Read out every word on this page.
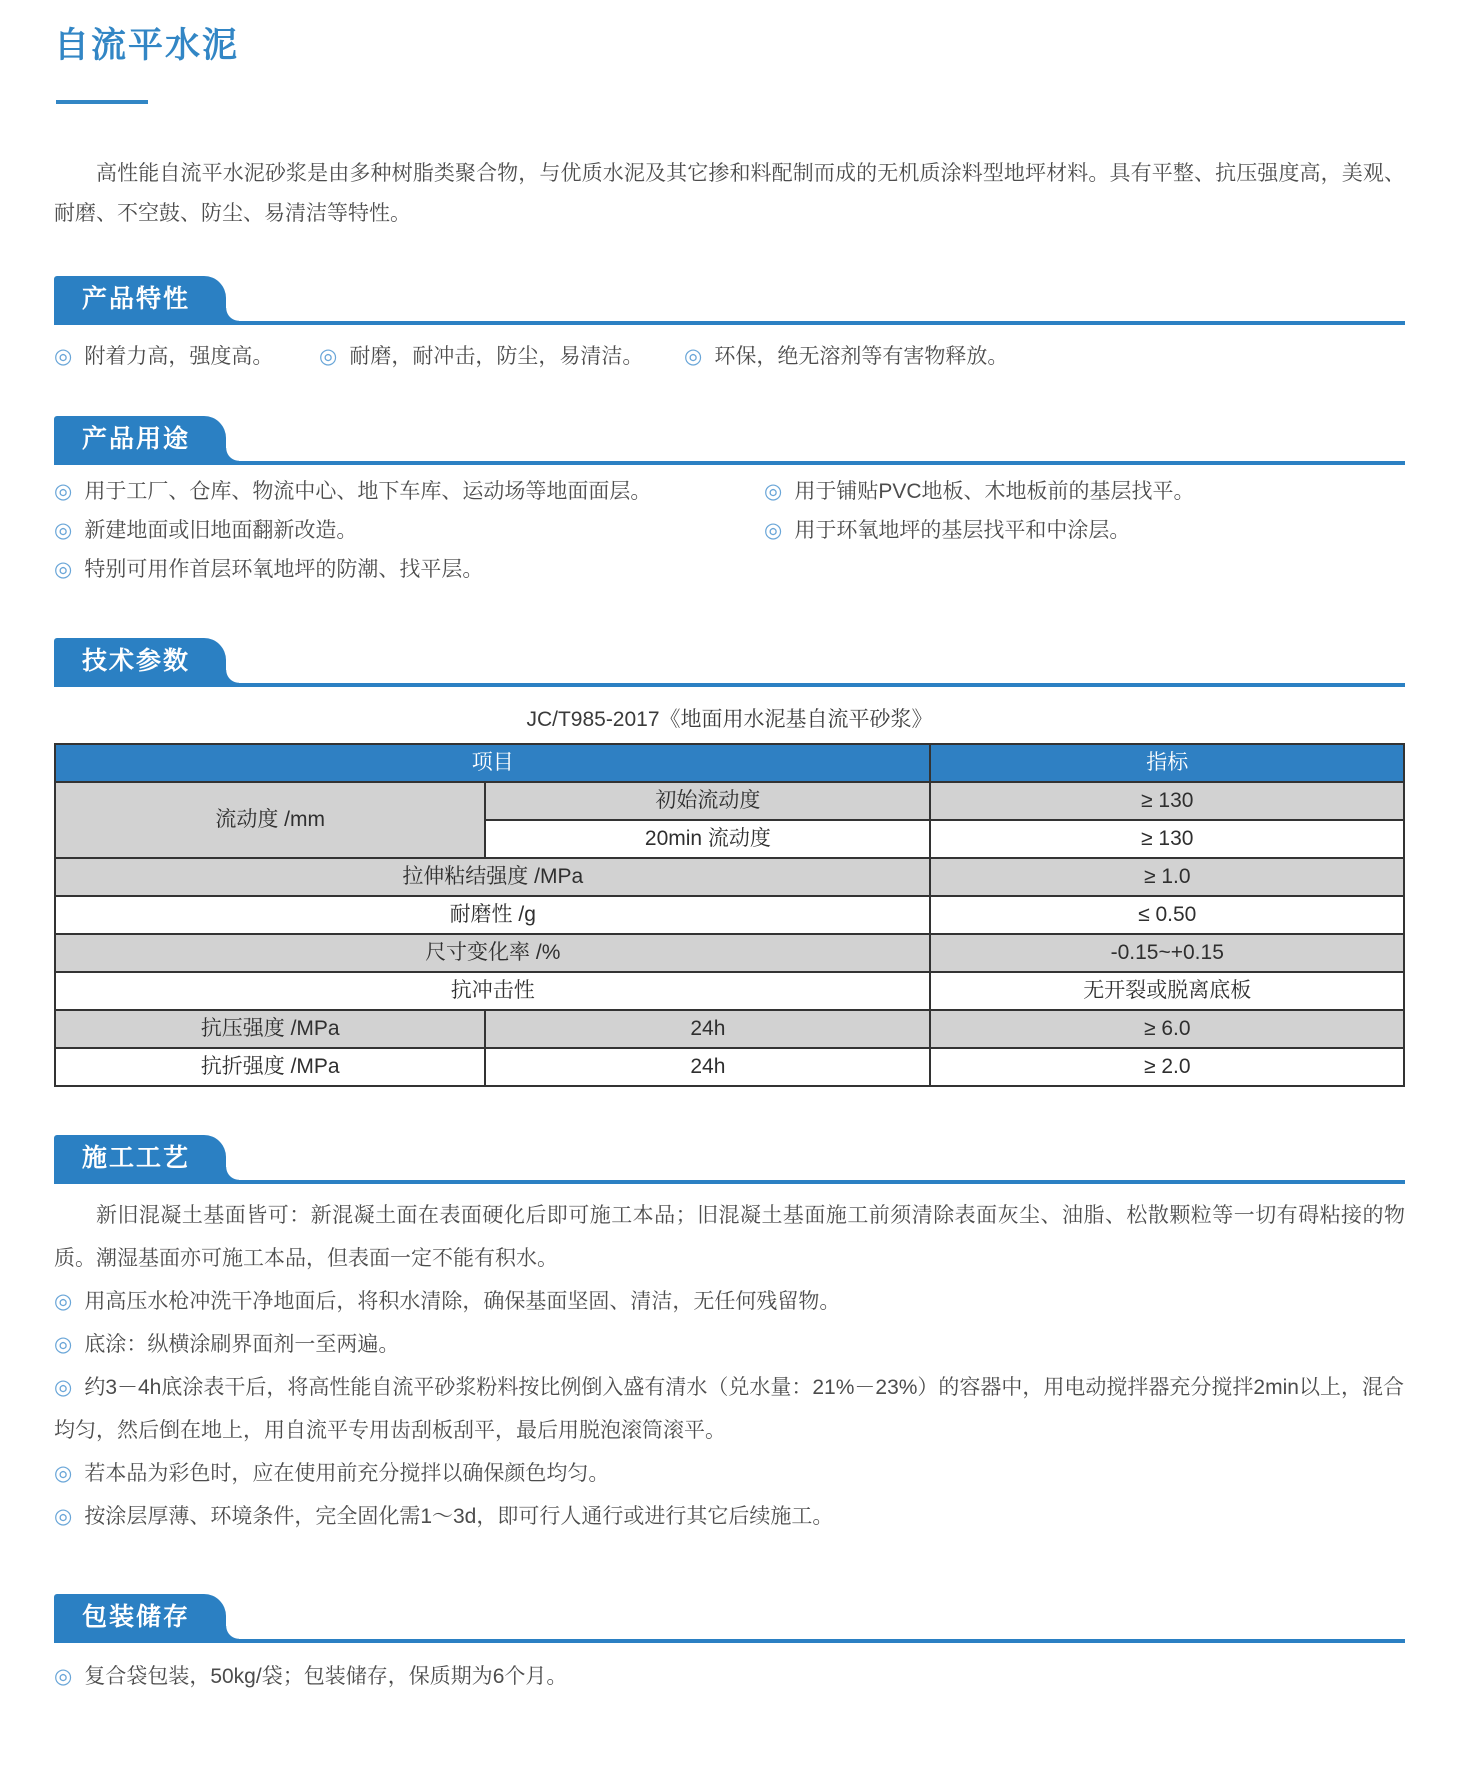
自流平水泥

高性能自流平水泥砂浆是由多种树脂类聚合物，与优质水泥及其它掺和料配制而成的无机质涂料型地坪材料。具有平整、抗压强度高，美观、耐磨、不空鼓、防尘、易清洁等特性。

产品特性
◎ 附着力高，强度高。	◎ 耐磨，耐冲击，防尘，易清洁。	◎ 环保，绝无溶剂等有害物释放。
产品用途

◎ 用于工厂、仓库、物流中心、地下车库、运动场等地面面层。

◎ 新建地面或旧地面翻新改造。

◎ 特别可用作首层环氧地坪的防潮、找平层。

◎ 用于铺贴PVC地板、木地板前的基层找平。

◎ 用于环氧地坪的基层找平和中涂层。

技术参数

JC/T985-2017《地面用水泥基自流平砂浆》

项目		指标
流动度 /mm	初始流动度	≥ 130
	20min 流动度	≥ 130
拉伸粘结强度 /MPa		≥ 1.0
耐磨性 /g		≤ 0.50
尺寸变化率 /%		-0.15~+0.15
抗冲击性		无开裂或脱离底板
抗压强度 /MPa	24h	≥ 6.0
抗折强度 /MPa	24h	≥ 2.0
施工工艺

新旧混凝土基面皆可：新混凝土面在表面硬化后即可施工本品；旧混凝土基面施工前须清除表面灰尘、油脂、松散颗粒等一切有碍粘接的物质。潮湿基面亦可施工本品，但表面一定不能有积水。

◎ 用高压水枪冲洗干净地面后，将积水清除，确保基面坚固、清洁，无任何残留物。

◎ 底涂：纵横涂刷界面剂一至两遍。

◎ 约3－4h底涂表干后，将高性能自流平砂浆粉料按比例倒入盛有清水（兑水量：21%－23%）的容器中，用电动搅拌器充分搅拌2min以上，混合均匀，然后倒在地上，用自流平专用齿刮板刮平，最后用脱泡滚筒滚平。

◎ 若本品为彩色时，应在使用前充分搅拌以确保颜色均匀。

◎ 按涂层厚薄、环境条件，完全固化需1～3d，即可行人通行或进行其它后续施工。

包装储存

◎ 复合袋包装，50kg/袋；包装储存，保质期为6个月。
